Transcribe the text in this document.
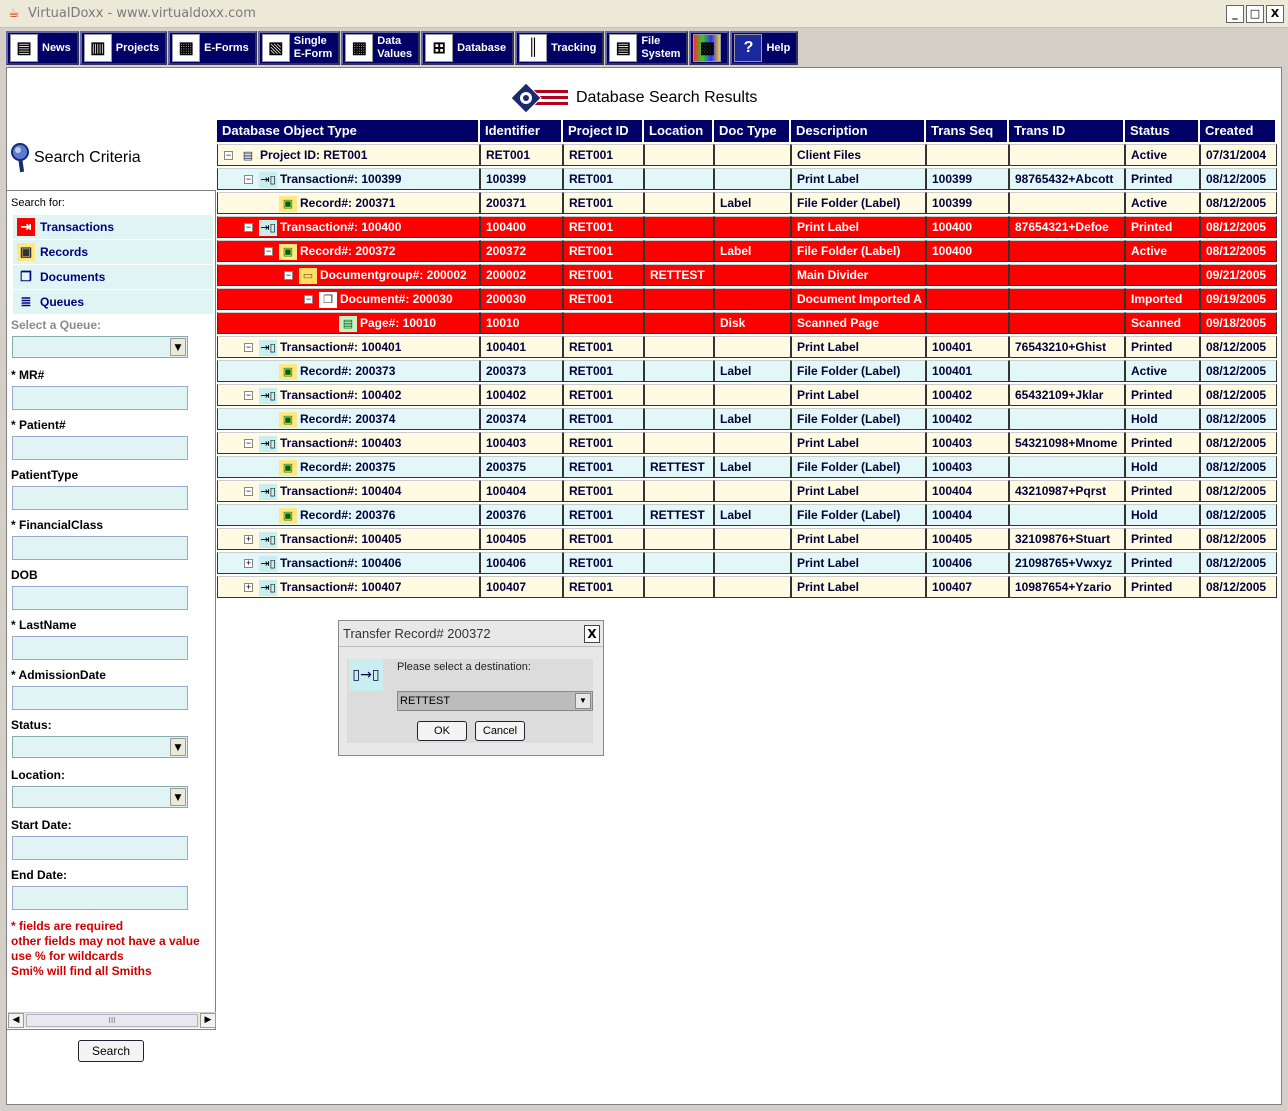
☕ VirtualDoxx - www.virtualdoxx.com	_	□ X
▤ News	▥ Projects	▦ E-Forms	▧ Single
E-Form	▦ Data
Values	⊞	Database	║	Tracking	▤ File
System	▩	?	Help
Database Search Results
Search Criteria
Search for:
⇥ Transactions
▣ Records
❐ Documents
≣ Queues
Select a Queue:
▼
* MR#
* Patient#
PatientType
* FinancialClass
DOB
* LastName
* AdmissionDate
Status:
▼
Location:
▼
Start Date:
End Date:
* fields are required
other fields may not have a value
use % for wildcards
Smi% will find all Smiths
◀	III	▶
Search
Database Object Type	Identifier	Project ID	Location	Doc Type	Description	Trans Seq	Trans ID	Status	Created
− ▤ Project ID: RET001	RET001	RET001	Client Files	Active	07/31/2004
− ⇥▯ Transaction#: 100399	100399	RET001	Print Label	100399	98765432+Abcott	Printed	08/12/2005
▣ Record#: 200371	200371	RET001	Label	File Folder (Label)	100399	Active	08/12/2005
− ⇥▯ Transaction#: 100400	100400	RET001	Print Label	100400	87654321+Defoe	Printed	08/12/2005
− ▣ Record#: 200372	200372	RET001	Label	File Folder (Label)	100400	Active	08/12/2005
− ▭ Documentgroup#: 200002	200002	RET001	RETTEST	Main Divider	09/21/2005
− ❐ Document#: 200030	200030	RET001	Document Imported A	Imported	09/19/2005
▤ Page#: 10010	10010	Disk	Scanned Page	Scanned	09/18/2005
− ⇥▯ Transaction#: 100401	100401	RET001	Print Label	100401	76543210+Ghist	Printed	08/12/2005
▣ Record#: 200373	200373	RET001	Label	File Folder (Label)	100401	Active	08/12/2005
− ⇥▯ Transaction#: 100402	100402	RET001	Print Label	100402	65432109+Jklar	Printed	08/12/2005
▣ Record#: 200374	200374	RET001	Label	File Folder (Label)	100402	Hold	08/12/2005
− ⇥▯ Transaction#: 100403	100403	RET001	Print Label	100403	54321098+Mnome	Printed	08/12/2005
▣ Record#: 200375	200375	RET001	RETTEST	Label	File Folder (Label)	100403	Hold	08/12/2005
− ⇥▯ Transaction#: 100404	100404	RET001	Print Label	100404	43210987+Pqrst	Printed	08/12/2005
▣ Record#: 200376	200376	RET001	RETTEST	Label	File Folder (Label)	100404	Hold	08/12/2005
+ ⇥▯ Transaction#: 100405	100405	RET001	Print Label	100405	32109876+Stuart	Printed	08/12/2005
+ ⇥▯ Transaction#: 100406	100406	RET001	Print Label	100406	21098765+Vwxyz	Printed	08/12/2005
+ ⇥▯ Transaction#: 100407	100407	RET001	Print Label	100407	10987654+Yzario	Printed	08/12/2005
Transfer Record# 200372	X
▯→▯	Please select a destination:
RETTEST	▼
OK	Cancel
